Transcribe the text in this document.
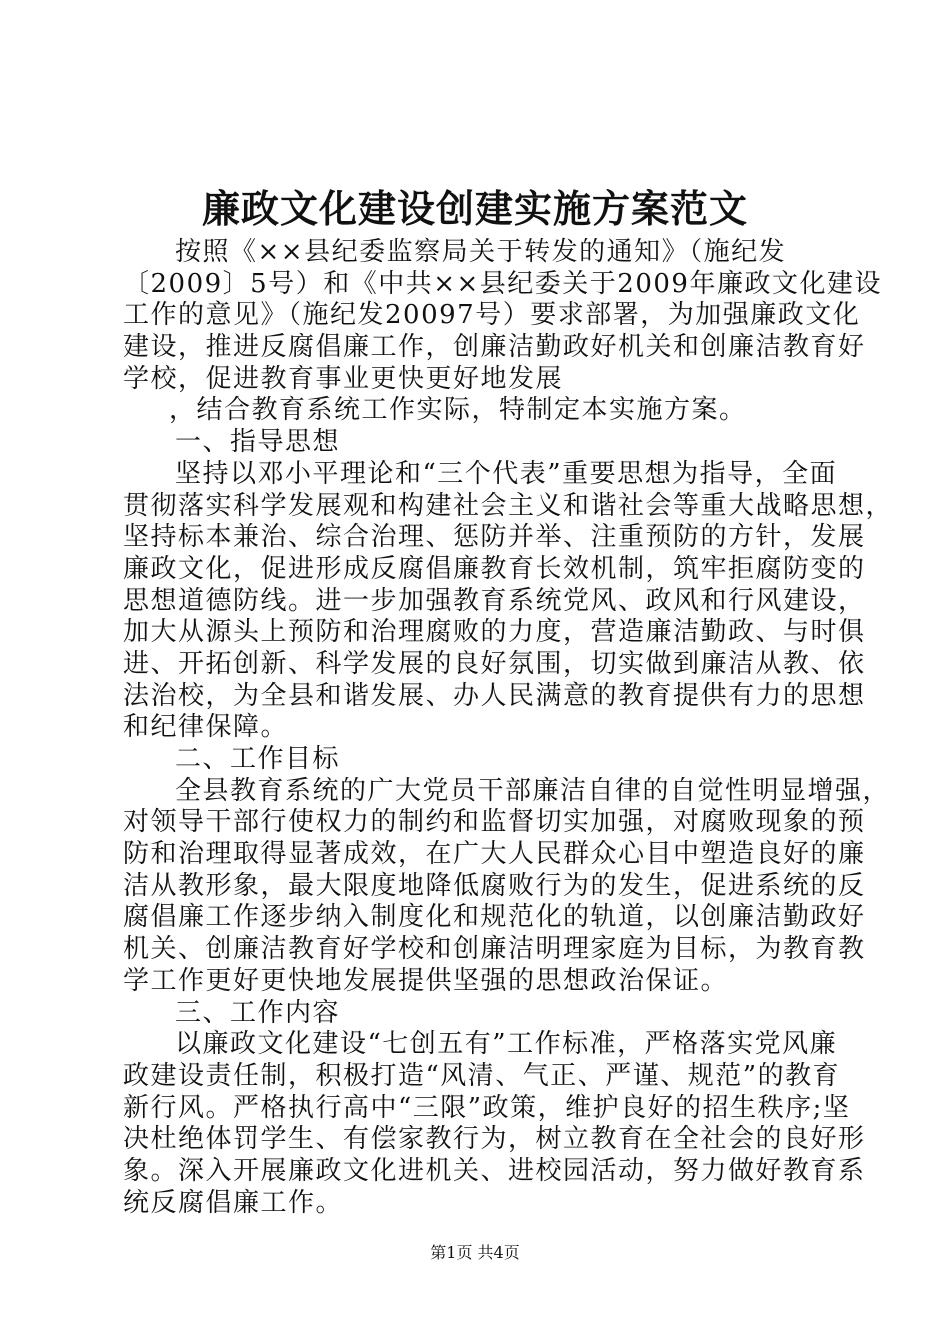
廉政文化建设创建实施方案范文
按照《××县纪委监察局关于转发的通知》（施纪发
〔2009〕5号）和《中共××县纪委关于2009年廉政文化建设
工作的意见》（施纪发20097号）要求部署，为加强廉政文化
建设，推进反腐倡廉工作，创廉洁勤政好机关和创廉洁教育好
学校，促进教育事业更快更好地发展
，结合教育系统工作实际，特制定本实施方案。
一、指导思想
坚持以邓小平理论和“三个代表”重要思想为指导，全面
贯彻落实科学发展观和构建社会主义和谐社会等重大战略思想，
坚持标本兼治、综合治理、惩防并举、注重预防的方针，发展
廉政文化，促进形成反腐倡廉教育长效机制，筑牢拒腐防变的
思想道德防线。进一步加强教育系统党风、政风和行风建设，
加大从源头上预防和治理腐败的力度，营造廉洁勤政、与时俱
进、开拓创新、科学发展的良好氛围，切实做到廉洁从教、依
法治校，为全县和谐发展、办人民满意的教育提供有力的思想
和纪律保障。
二、工作目标
全县教育系统的广大党员干部廉洁自律的自觉性明显增强，
对领导干部行使权力的制约和监督切实加强，对腐败现象的预
防和治理取得显著成效，在广大人民群众心目中塑造良好的廉
洁从教形象，最大限度地降低腐败行为的发生，促进系统的反
腐倡廉工作逐步纳入制度化和规范化的轨道，以创廉洁勤政好
机关、创廉洁教育好学校和创廉洁明理家庭为目标，为教育教
学工作更好更快地发展提供坚强的思想政治保证。
三、工作内容
以廉政文化建设“七创五有”工作标准，严格落实党风廉
政建设责任制，积极打造“风清、气正、严谨、规范”的教育
新行风。严格执行高中“三限”政策，维护良好的招生秩序;坚
决杜绝体罚学生、有偿家教行为，树立教育在全社会的良好形
象。深入开展廉政文化进机关、进校园活动，努力做好教育系
统反腐倡廉工作。
第1页 共4页
